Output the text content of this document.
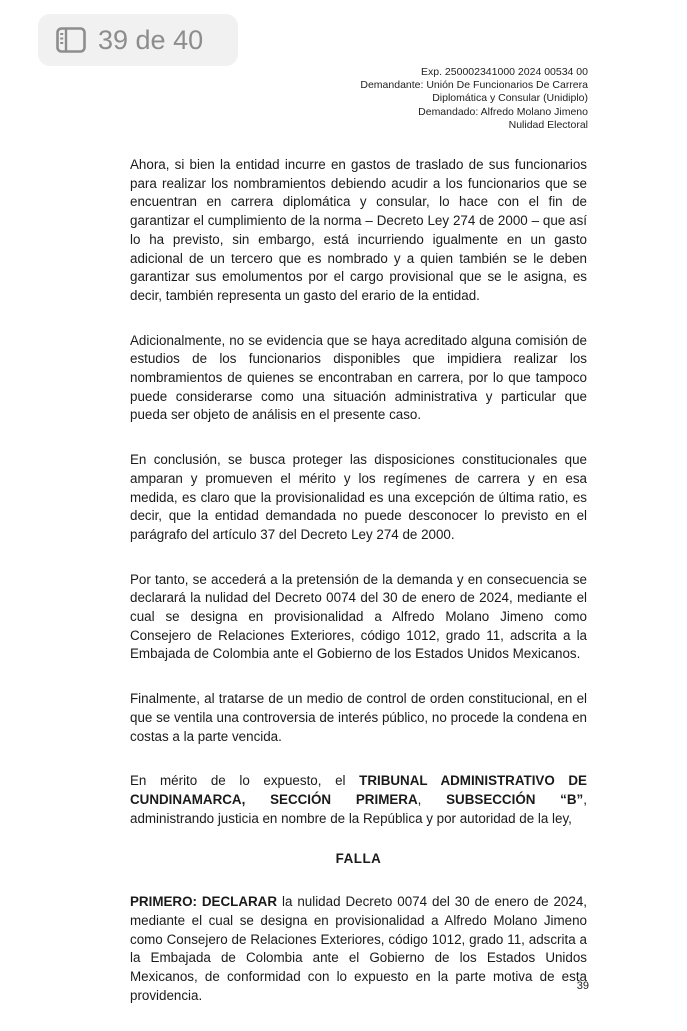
39 de 40
Exp. 250002341000 2024 00534 00
Demandante: Unión De Funcionarios De Carrera
Diplomática y Consular (Unidiplo)
Demandado: Alfredo Molano Jimeno
Nulidad Electoral

Ahora, si bien la entidad incurre en gastos de traslado de sus funcionarios para realizar los nombramientos debiendo acudir a los funcionarios que se encuentran en carrera diplomática y consular, lo hace con el fin de garantizar el cumplimiento de la norma – Decreto Ley 274 de 2000 – que así lo ha previsto, sin embargo, está incurriendo igualmente en un gasto adicional de un tercero que es nombrado y a quien también se le deben garantizar sus emolumentos por el cargo provisional que se le asigna, es decir, también representa un gasto del erario de la entidad.

Adicionalmente, no se evidencia que se haya acreditado alguna comisión de estudios de los funcionarios disponibles que impidiera realizar los nombramientos de quienes se encontraban en carrera, por lo que tampoco puede considerarse como una situación administrativa y particular que pueda ser objeto de análisis en el presente caso.

En conclusión, se busca proteger las disposiciones constitucionales que amparan y promueven el mérito y los regímenes de carrera y en esa medida, es claro que la provisionalidad es una excepción de última ratio, es decir, que la entidad demandada no puede desconocer lo previsto en el parágrafo del artículo 37 del Decreto Ley 274 de 2000.

Por tanto, se accederá a la pretensión de la demanda y en consecuencia se declarará la nulidad del Decreto 0074 del 30 de enero de 2024, mediante el cual se designa en provisionalidad a Alfredo Molano Jimeno como Consejero de Relaciones Exteriores, código 1012, grado 11, adscrita a la Embajada de Colombia ante el Gobierno de los Estados Unidos Mexicanos.

Finalmente, al tratarse de un medio de control de orden constitucional, en el que se ventila una controversia de interés público, no procede la condena en costas a la parte vencida.

En mérito de lo expuesto, el TRIBUNAL ADMINISTRATIVO DE CUNDINAMARCA, SECCIÓN PRIMERA, SUBSECCIÓN “B”, administrando justicia en nombre de la República y por autoridad de la ley,

FALLA

PRIMERO: DECLARAR la nulidad Decreto 0074 del 30 de enero de 2024, mediante el cual se designa en provisionalidad a Alfredo Molano Jimeno como Consejero de Relaciones Exteriores, código 1012, grado 11, adscrita a la Embajada de Colombia ante el Gobierno de los Estados Unidos Mexicanos, de conformidad con lo expuesto en la parte motiva de esta providencia.

39
